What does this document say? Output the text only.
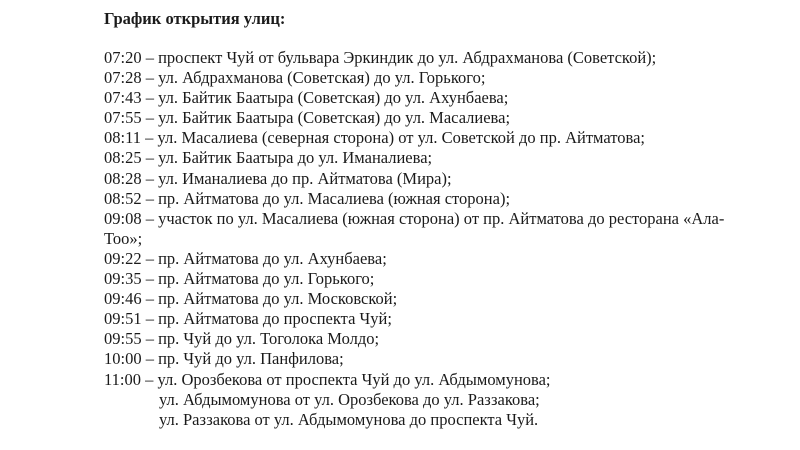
График открытия улиц:
07:20 – проспект Чуй от бульвара Эркиндик до ул. Абдрахманова (Советской);
07:28 – ул. Абдрахманова (Советская) до ул. Горького;
07:43 – ул. Байтик Баатыра (Советская) до ул. Ахунбаева;
07:55 – ул. Байтик Баатыра (Советская) до ул. Масалиева;
08:11 – ул. Масалиева (северная сторона) от ул. Советской до пр. Айтматова;
08:25 – ул. Байтик Баатыра до ул. Иманалиева;
08:28 – ул. Иманалиева до пр. Айтматова (Мира);
08:52 – пр. Айтматова до ул. Масалиева (южная сторона);
09:08 – участок по ул. Масалиева (южная сторона) от пр. Айтматова до ресторана «Ала-
Тоо»;
09:22 – пр. Айтматова до ул. Ахунбаева;
09:35 – пр. Айтматова до ул. Горького;
09:46 – пр. Айтматова до ул. Московской;
09:51 – пр. Айтматова до проспекта Чуй;
09:55 – пр. Чуй до ул. Тоголока Молдо;
10:00 – пр. Чуй до ул. Панфилова;
11:00 – ул. Орозбекова от проспекта Чуй до ул. Абдымомунова;
ул. Абдымомунова от ул. Орозбекова до ул. Раззакова;
ул. Раззакова от ул. Абдымомунова до проспекта Чуй.
